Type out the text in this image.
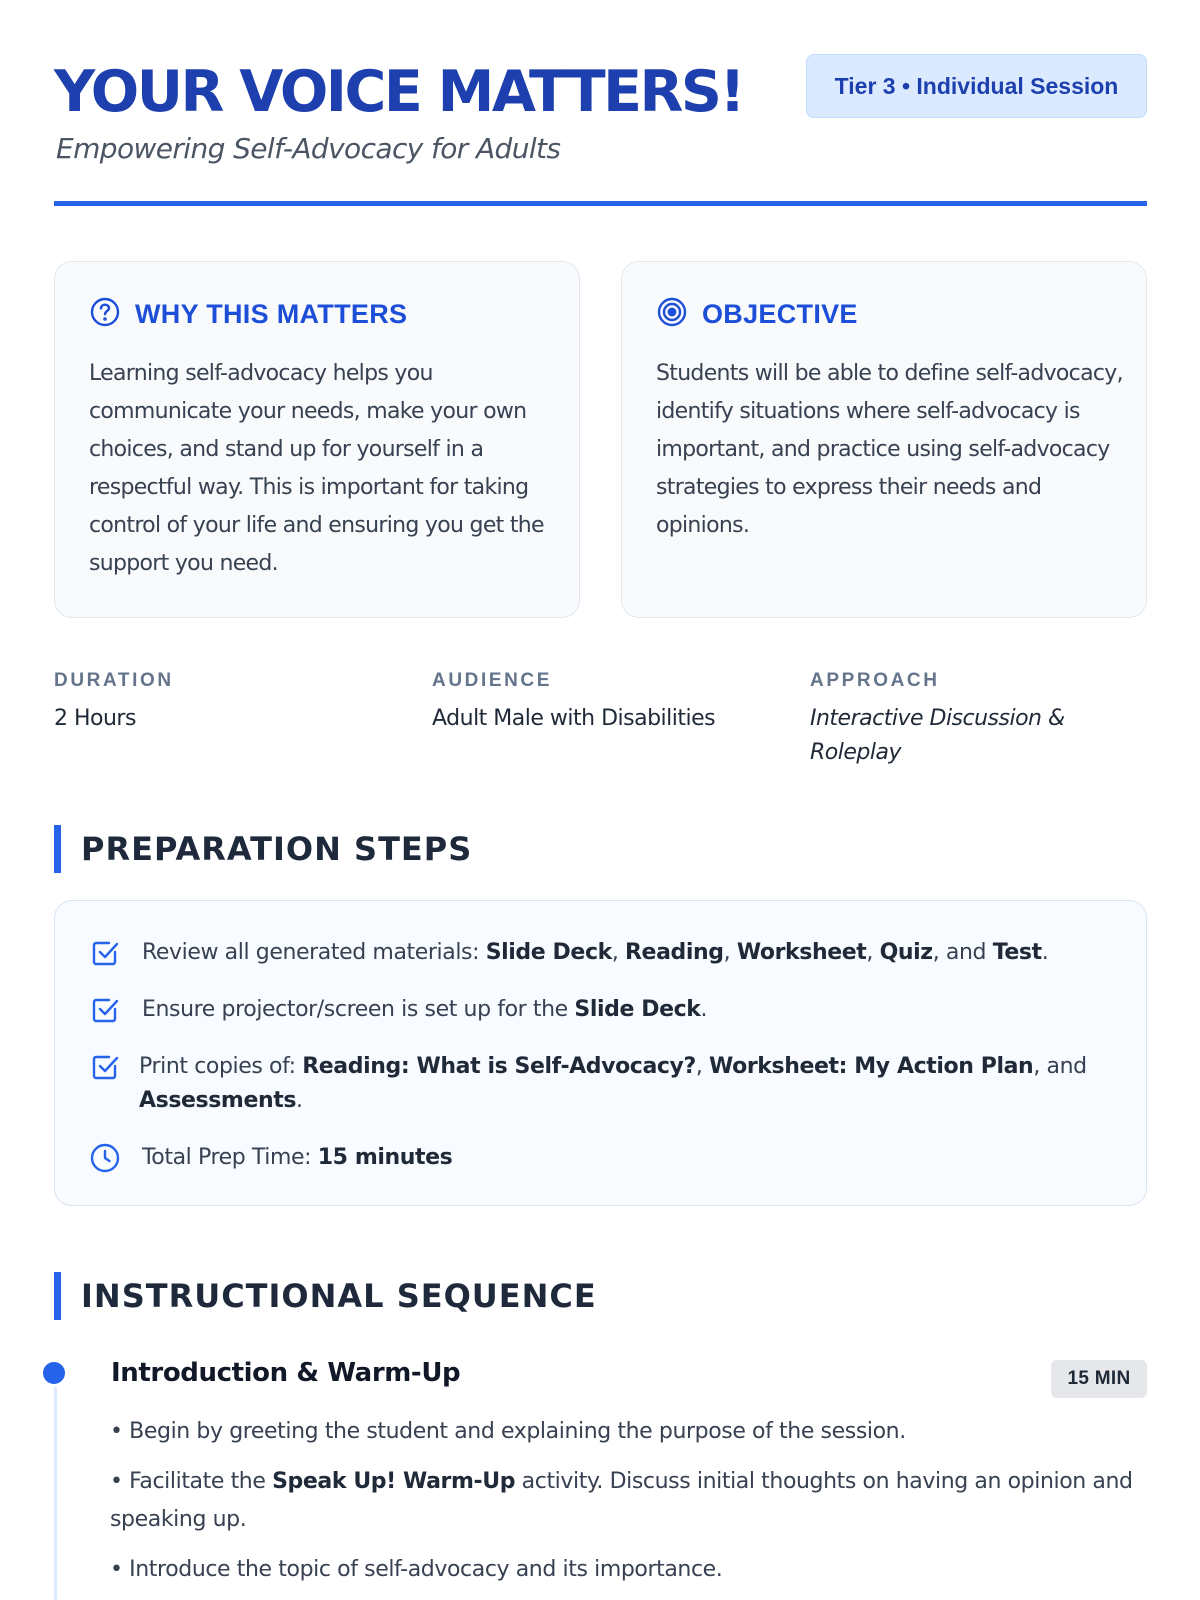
YOUR VOICE MATTERS!
Empowering Self-Advocacy for Adults
Tier 3 • Individual Session
WHY THIS MATTERS
Learning self-advocacy helps you communicate your needs, make your own choices, and stand up for yourself in a respectful way. This is important for taking control of your life and ensuring you get the support you need.
OBJECTIVE
Students will be able to define self-advocacy, identify situations where self-advocacy is important, and practice using self-advocacy strategies to express their needs and opinions.
DURATION
2 Hours
AUDIENCE
Adult Male with Disabilities
APPROACH
Interactive Discussion & Roleplay
PREPARATION STEPS
Review all generated materials: Slide Deck, Reading, Worksheet, Quiz, and Test.
Ensure projector/screen is set up for the Slide Deck.
Print copies of: Reading: What is Self-Advocacy?, Worksheet: My Action Plan, and Assessments.
Total Prep Time: 15 minutes
INSTRUCTIONAL SEQUENCE
Introduction & Warm-Up	15 MIN

• Begin by greeting the student and explaining the purpose of the session.

• Facilitate the Speak Up! Warm-Up activity. Discuss initial thoughts on having an opinion and speaking up.

• Introduce the topic of self-advocacy and its importance.
